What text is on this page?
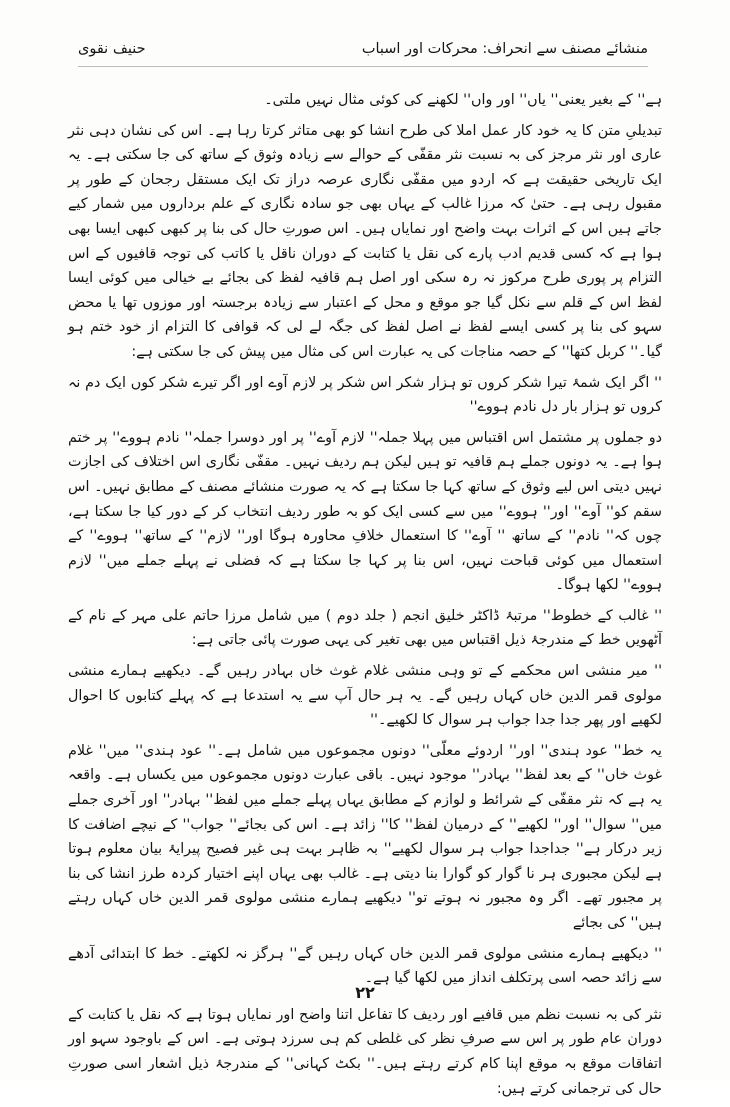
منشائے مصنف سے انحراف: محرکات اور اسباب
حنیف نقوی

ہے'' کے بغیر یعنی'' یاں'' اور واں'' لکھنے کی کوئی مثال نہیں ملتی۔

تبدیلیِ متن کا یہ خود کار عمل املا کی طرح انشا کو بھی متاثر کرتا رہا ہے۔ اس کی نشان دہی نثر عاری اور نثر مرجز کی بہ نسبت نثر مقفّی کے حوالے سے زیادہ وثوق کے ساتھ کی جا سکتی ہے۔ یہ ایک تاریخی حقیقت ہے کہ اردو میں مقفّی نگاری عرصہ دراز تک ایک مستقل رجحان کے طور پر مقبول رہی ہے۔ حتیٰ کہ مرزا غالب کے یہاں بھی جو سادہ نگاری کے علم برداروں میں شمار کیے جاتے ہیں اس کے اثرات بہت واضح اور نمایاں ہیں۔ اس صورتِ حال کی بنا پر کبھی کبھی ایسا بھی ہوا ہے کہ کسی قدیم ادب پارے کی نقل یا کتابت کے دوران ناقل یا کاتب کی توجہ قافیوں کے اس التزام پر پوری طرح مرکوز نہ رہ سکی اور اصل ہم قافیہ لفظ کی بجائے بے خیالی میں کوئی ایسا لفظ اس کے قلم سے نکل گیا جو موقع و محل کے اعتبار سے زیادہ برجستہ اور موزوں تھا یا محض سہو کی بنا پر کسی ایسے لفظ نے اصل لفظ کی جگہ لے لی کہ قوافی کا التزام از خود ختم ہو گیا۔'' کربل کتھا'' کے حصہ مناجات کی یہ عبارت اس کی مثال میں پیش کی جا سکتی ہے:

'' اگر ایک شمۂ تیرا شکر کروں تو ہزار شکر اس شکر پر لازم آوے اور اگر تیرے شکر کوں ایک دم نہ کروں تو ہزار بار دل نادم ہووے''

دو جملوں پر مشتمل اس اقتباس میں پہلا جملہ'' لازم آوے'' پر اور دوسرا جملہ'' نادم ہووے'' پر ختم ہوا ہے۔ یہ دونوں جملے ہم قافیہ تو ہیں لیکن ہم ردیف نہیں۔ مقفّی نگاری اس اختلاف کی اجازت نہیں دیتی اس لیے وثوق کے ساتھ کہا جا سکتا ہے کہ یہ صورت منشائے مصنف کے مطابق نہیں۔ اس سقم کو'' آوے'' اور'' ہووے'' میں سے کسی ایک کو بہ طور ردیف انتخاب کر کے دور کیا جا سکتا ہے، چوں کہ'' نادم'' کے ساتھ '' آوے'' کا استعمال خلافِ محاورہ ہوگا اور'' لازم'' کے ساتھ'' ہووے'' کے استعمال میں کوئی قباحت نہیں، اس بنا پر کہا جا سکتا ہے کہ فضلی نے پہلے جملے میں'' لازم ہووے'' لکھا ہوگا۔

'' غالب کے خطوط'' مرتبۂ ڈاکٹر خلیق انجم ( جلد دوم ) میں شامل مرزا حاتم علی مہر کے نام کے آٹھویں خط کے مندرجۂ ذیل اقتباس میں بھی تغیر کی یہی صورت پائی جاتی ہے:

'' میر منشی اس محکمے کے تو وہی منشی غلام غوث خاں بہادر رہیں گے۔ دیکھیے ہمارے منشی مولوی قمر الدین خاں کہاں رہیں گے۔ یہ ہر حال آپ سے یہ استدعا ہے کہ پہلے کتابوں کا احوال لکھیے اور پھر جدا جدا جواب ہر سوال کا لکھیے۔''

یہ خط'' عود ہندی'' اور'' اردوئے معلّی'' دونوں مجموعوں میں شامل ہے۔'' عود ہندی'' میں'' غلام غوث خاں'' کے بعد لفظ'' بہادر'' موجود نہیں۔ باقی عبارت دونوں مجموعوں میں یکساں ہے۔ واقعہ یہ ہے کہ نثر مقفّی کے شرائط و لوازم کے مطابق یہاں پہلے جملے میں لفظ'' بہادر'' اور آخری جملے میں'' سوال'' اور'' لکھیے'' کے درمیان لفظ'' کا'' زائد ہے۔ اس کی بجائے'' جواب'' کے نیچے اضافت کا زیر درکار ہے'' جداجدا جواب ہر سوال لکھیے'' بہ ظاہر بہت ہی غیر فصیح پیرایۂ بیان معلوم ہوتا ہے لیکن مجبوری ہر نا گوار کو گوارا بنا دیتی ہے۔ غالب بھی یہاں اپنے اختیار کردہ طرز انشا کی بنا پر مجبور تھے۔ اگر وہ مجبور نہ ہوتے تو'' دیکھیے ہمارے منشی مولوی قمر الدین خاں کہاں رہتے ہیں'' کی بجائے

'' دیکھیے ہمارے منشی مولوی قمر الدین خاں کہاں رہیں گے'' ہرگز نہ لکھتے۔ خط کا ابتدائی آدھے سے زائد حصہ اسی پرتکلف انداز میں لکھا گیا ہے۔

نثر کی بہ نسبت نظم میں قافیے اور ردیف کا تفاعل اتنا واضح اور نمایاں ہوتا ہے کہ نقل یا کتابت کے دوران عام طور پر اس سے صرفِ نظر کی غلطی کم ہی سرزد ہوتی ہے۔ اس کے باوجود سہو اور اتفاقات موقع بہ موقع اپنا کام کرتے رہتے ہیں۔'' بکٹ کہانی'' کے مندرجۂ ذیل اشعار اسی صورتِ حال کی ترجمانی کرتے ہیں:

۲۲
